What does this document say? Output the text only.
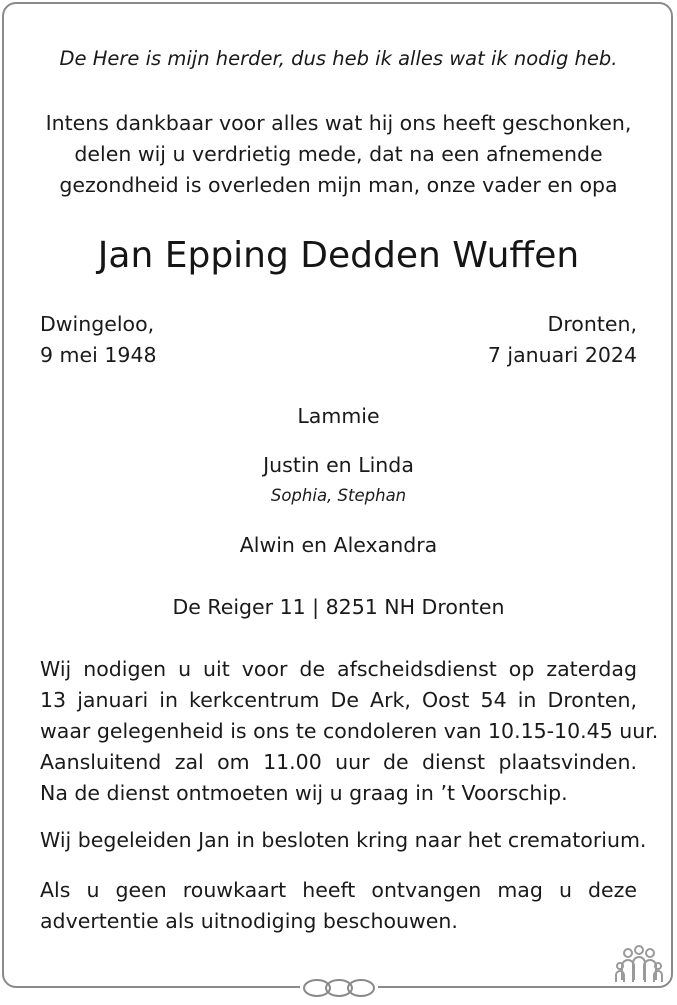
De Here is mijn herder, dus heb ik alles wat ik nodig heb.
Intens dankbaar voor alles wat hij ons heeft geschonken,
delen wij u verdrietig mede, dat na een afnemende
gezondheid is overleden mijn man, onze vader en opa
Jan Epping Dedden Wuffen
Dwingeloo,
9 mei 1948
Dronten,
7 januari 2024
Lammie
Justin en Linda
Sophia, Stephan
Alwin en Alexandra
De Reiger 11 | 8251 NH Dronten
Wij nodigen u uit voor de afscheidsdienst op zaterdag
13 januari in kerkcentrum De Ark, Oost 54 in Dronten,
waar gelegenheid is ons te condoleren van 10.15-10.45 uur.
Aansluitend zal om 11.00 uur de dienst plaatsvinden.
Na de dienst ontmoeten wij u graag in ’t Voorschip.
Wij begeleiden Jan in besloten kring naar het crematorium.
Als u geen rouwkaart heeft ontvangen mag u deze
advertentie als uitnodiging beschouwen.
